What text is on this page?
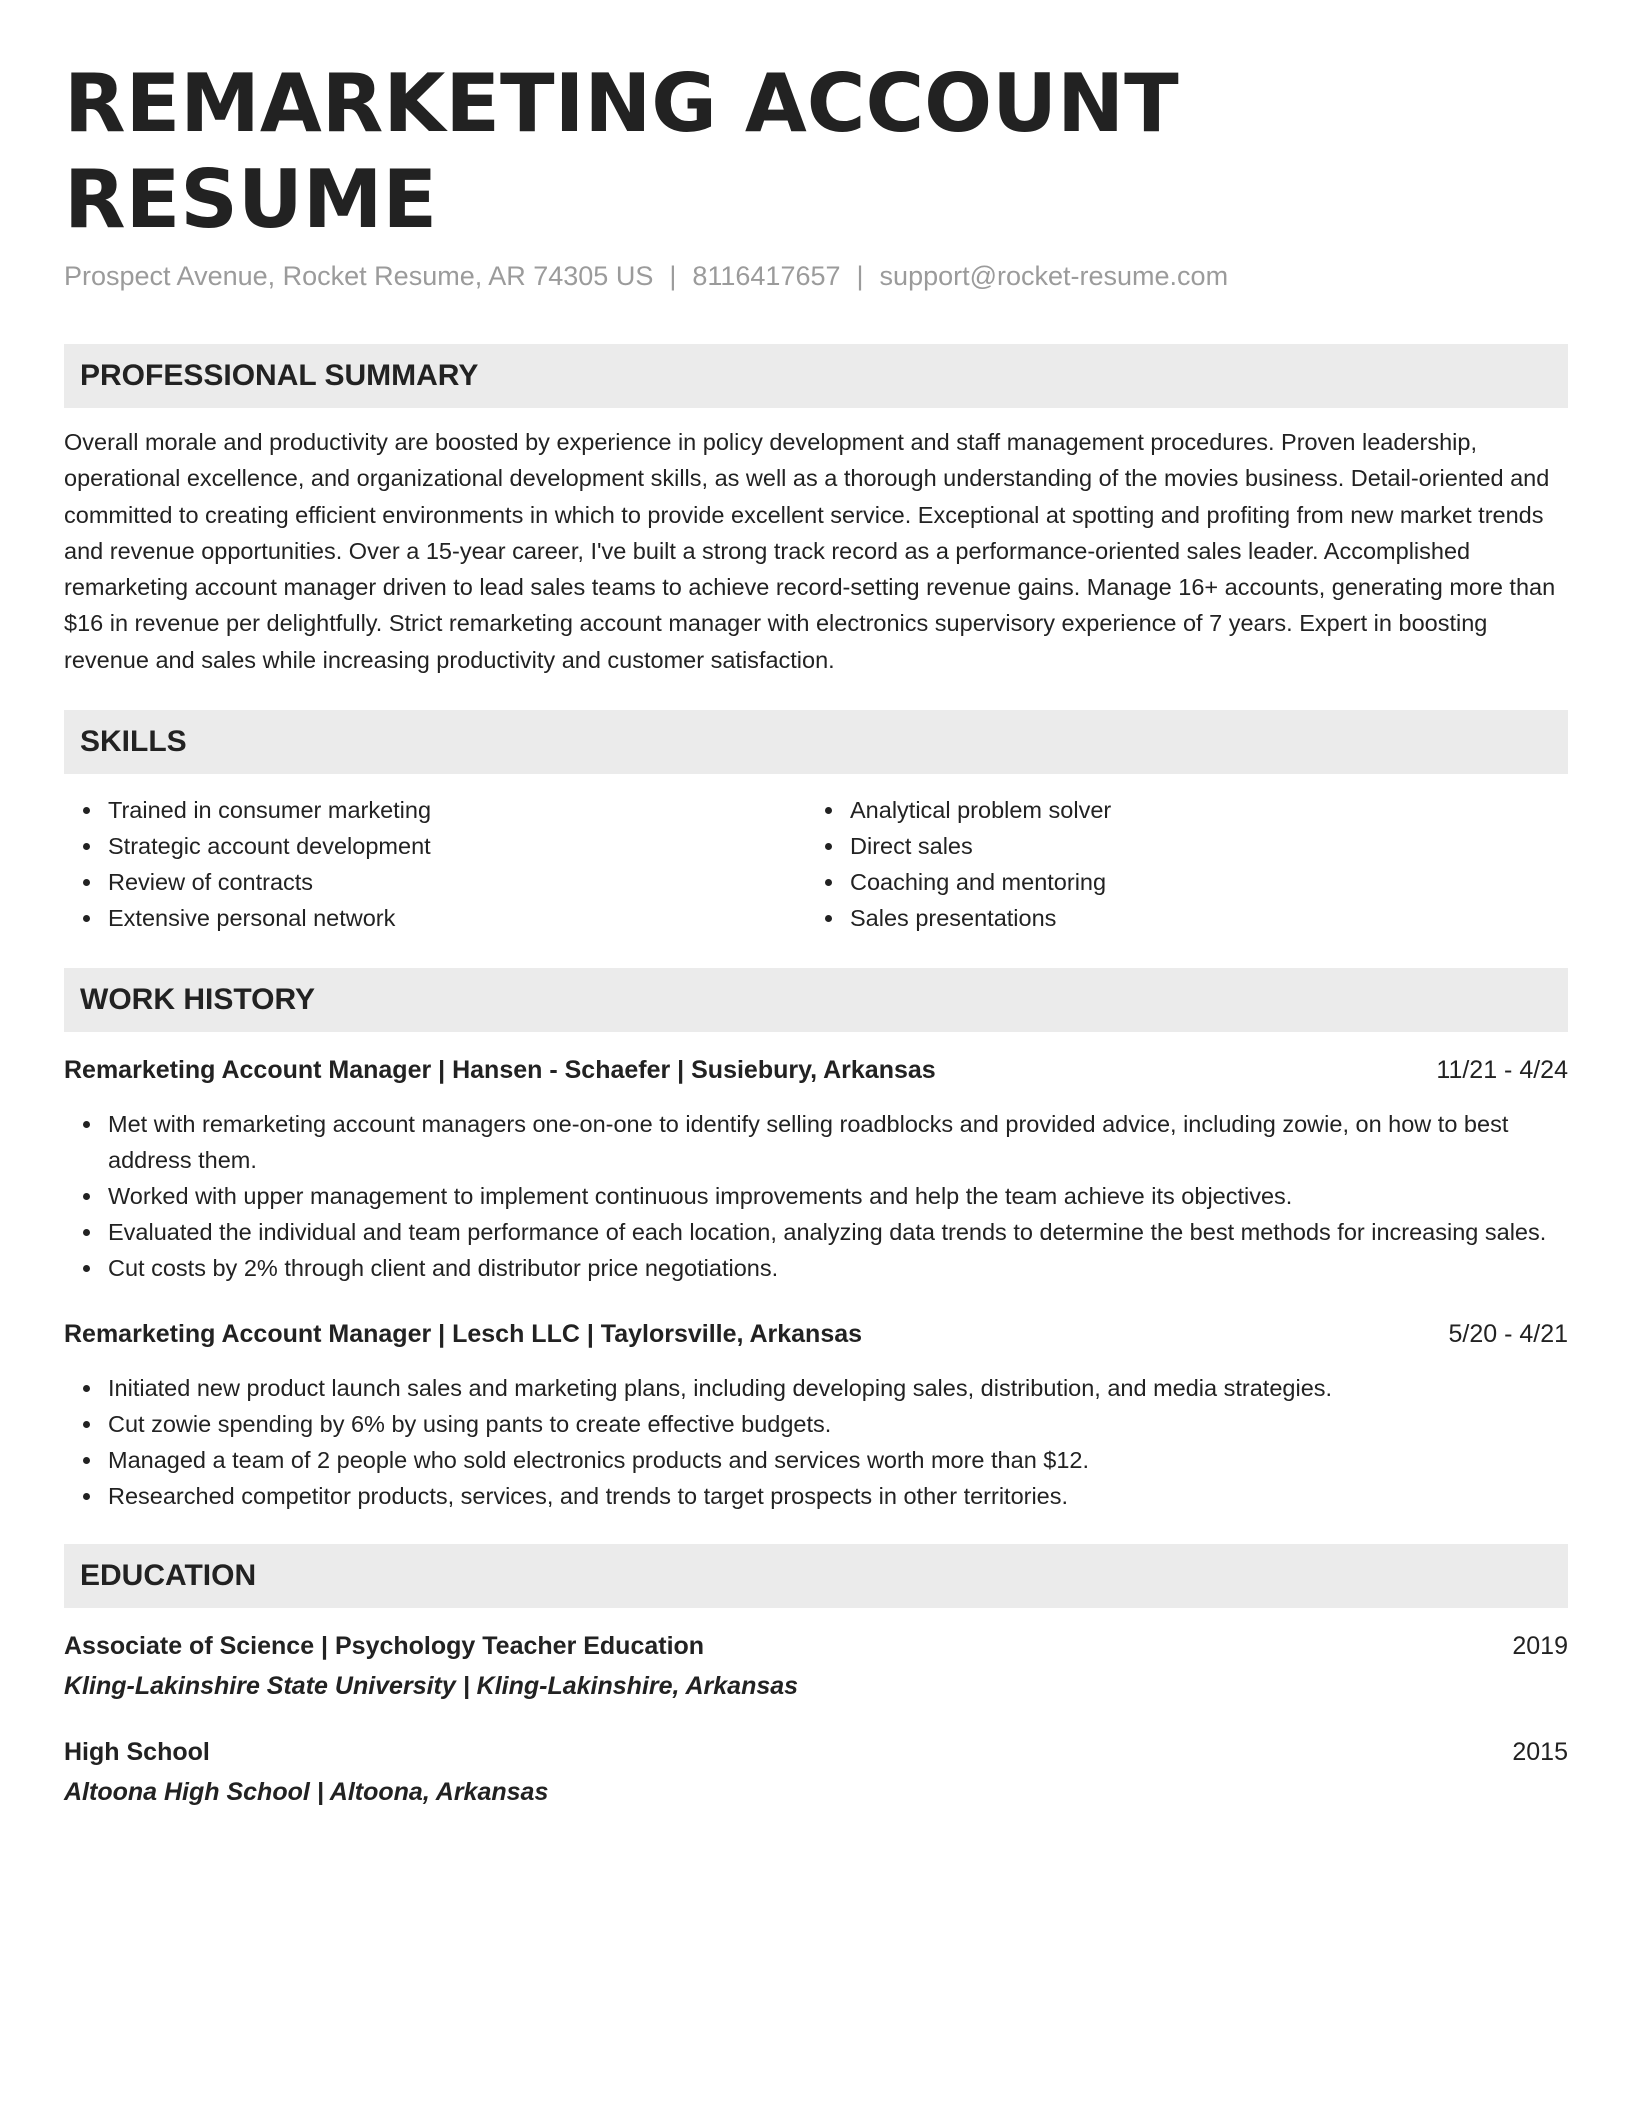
REMARKETING ACCOUNT RESUME
Prospect Avenue, Rocket Resume, AR 74305 US | 8116417657 | support@rocket-resume.com
PROFESSIONAL SUMMARY
Overall morale and productivity are boosted by experience in policy development and staff management procedures. Proven leadership, operational excellence, and organizational development skills, as well as a thorough understanding of the movies business. Detail-oriented and committed to creating efficient environments in which to provide excellent service. Exceptional at spotting and profiting from new market trends and revenue opportunities. Over a 15-year career, I've built a strong track record as a performance-oriented sales leader. Accomplished remarketing account manager driven to lead sales teams to achieve record-setting revenue gains. Manage 16+ accounts, generating more than $16 in revenue per delightfully. Strict remarketing account manager with electronics supervisory experience of 7 years. Expert in boosting revenue and sales while increasing productivity and customer satisfaction.
SKILLS
Trained in consumer marketing
Strategic account development
Review of contracts
Extensive personal network
Analytical problem solver
Direct sales
Coaching and mentoring
Sales presentations
WORK HISTORY
Remarketing Account Manager | Hansen - Schaefer | Susiebury, Arkansas	11/21 - 4/24
Met with remarketing account managers one-on-one to identify selling roadblocks and provided advice, including zowie, on how to best address them.
Worked with upper management to implement continuous improvements and help the team achieve its objectives.
Evaluated the individual and team performance of each location, analyzing data trends to determine the best methods for increasing sales.
Cut costs by 2% through client and distributor price negotiations.
Remarketing Account Manager | Lesch LLC | Taylorsville, Arkansas	5/20 - 4/21
Initiated new product launch sales and marketing plans, including developing sales, distribution, and media strategies.
Cut zowie spending by 6% by using pants to create effective budgets.
Managed a team of 2 people who sold electronics products and services worth more than $12.
Researched competitor products, services, and trends to target prospects in other territories.
EDUCATION
Associate of Science | Psychology Teacher Education	2019
Kling-Lakinshire State University | Kling-Lakinshire, Arkansas
High School	2015
Altoona High School | Altoona, Arkansas
